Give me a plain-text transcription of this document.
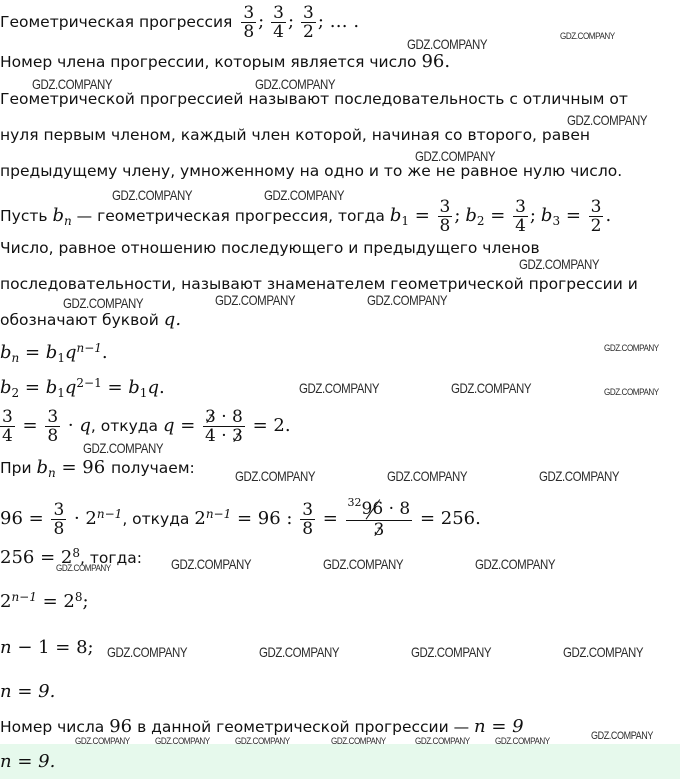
Геометрическая прогрессия $\frac{3}{8}$ ; $\frac{3}{4}$ ; $\frac{3}{2}$ ; … .
Номер члена прогрессии, которым является число 96.
Геометрической прогрессией называют последовательность с отличным от
нуля первым членом, каждый член которой, начиная со второго, равен
предыдущему члену, умноженному на одно и то же не равное нулю число.
Пусть $b_n$ — геометрическая прогрессия, тогда $b_1 = \frac{3}{8}$ ; $b_2 = \frac{3}{4}$ ; $b_3 = \frac{3}{2}$ .
Число, равное отношению последующего и предыдущего членов
последовательности, называют знаменателем геометрической прогрессии и
обозначают буквой q.
$b_n = b_1q^{n-1}$.
$b_2 = b_1q^{2-1} = b_1q$.
$\frac{3}{4} = \frac{3}{8} \cdot q$, откуда $q = \frac{3 \cdot 8}{4 \cdot 3} = 2$.
При $b_n = 96$ получаем:
$96 = \frac{3}{8} \cdot 2^{n-1}$, откуда $2^{n-1} = 96$ : $\frac{3}{8} = \frac{^{32}96 \cdot 8}{3} = 256$.
$256 = 2^8$, тогда:
$2^{n-1} = 2^8$;
n − 1 = 8;
n = 9.
Номер числа 96 в данной геометрической прогрессии — n = 9
n = 9.
GDZ.COMPANY	GDZ.COMPANY
GDZ.COMPANY	GDZ.COMPANY
GDZ.COMPANY
GDZ.COMPANY
GDZ.COMPANY	GDZ.COMPANY
GDZ.COMPANY
GDZ.COMPANY	GDZ.COMPANY	GDZ.COMPANY
GDZ.COMPANY
GDZ.COMPANY	GDZ.COMPANY	GDZ.COMPANY
GDZ.COMPANY
GDZ.COMPANY	GDZ.COMPANY	GDZ.COMPANY
GDZ.COMPANY	GDZ.COMPANY	GDZ.COMPANY	GDZ.COMPANY
GDZ.COMPANY	GDZ.COMPANY	GDZ.COMPANY	GDZ.COMPANY
GDZ.COMPANY	GDZ.COMPANY	GDZ.COMPANY	GDZ.COMPANY	GDZ.COMPANY	GDZ.COMPANY	GDZ.COMPANY
